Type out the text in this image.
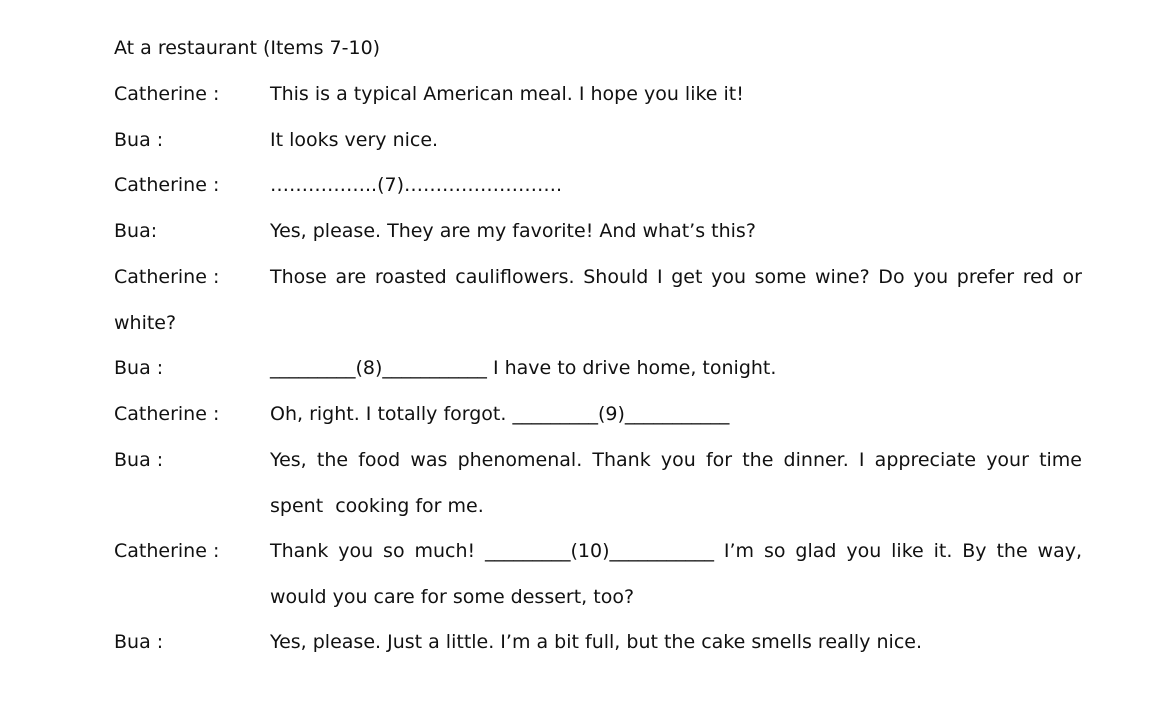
At a restaurant (Items 7-10)
Catherine :	This is a typical American meal. I hope you like it!
Bua :	It looks very nice.
Catherine :	……………..(7)…………………….
Bua:	Yes, please. They are my favorite! And what’s this?
Catherine :	Those are roasted cauliflowers. Should I get you some wine? Do you prefer red or
white?
Bua :	_________(8)___________ I have to drive home, tonight.
Catherine :	Oh, right. I totally forgot. _________(9)___________
Bua :	Yes, the food was phenomenal. Thank you for the dinner. I appreciate your time
spent  cooking for me.
Catherine :	Thank you so much! _________(10)___________ I’m so glad you like it. By the way,
would you care for some dessert, too?
Bua :	Yes, please. Just a little. I’m a bit full, but the cake smells really nice.
